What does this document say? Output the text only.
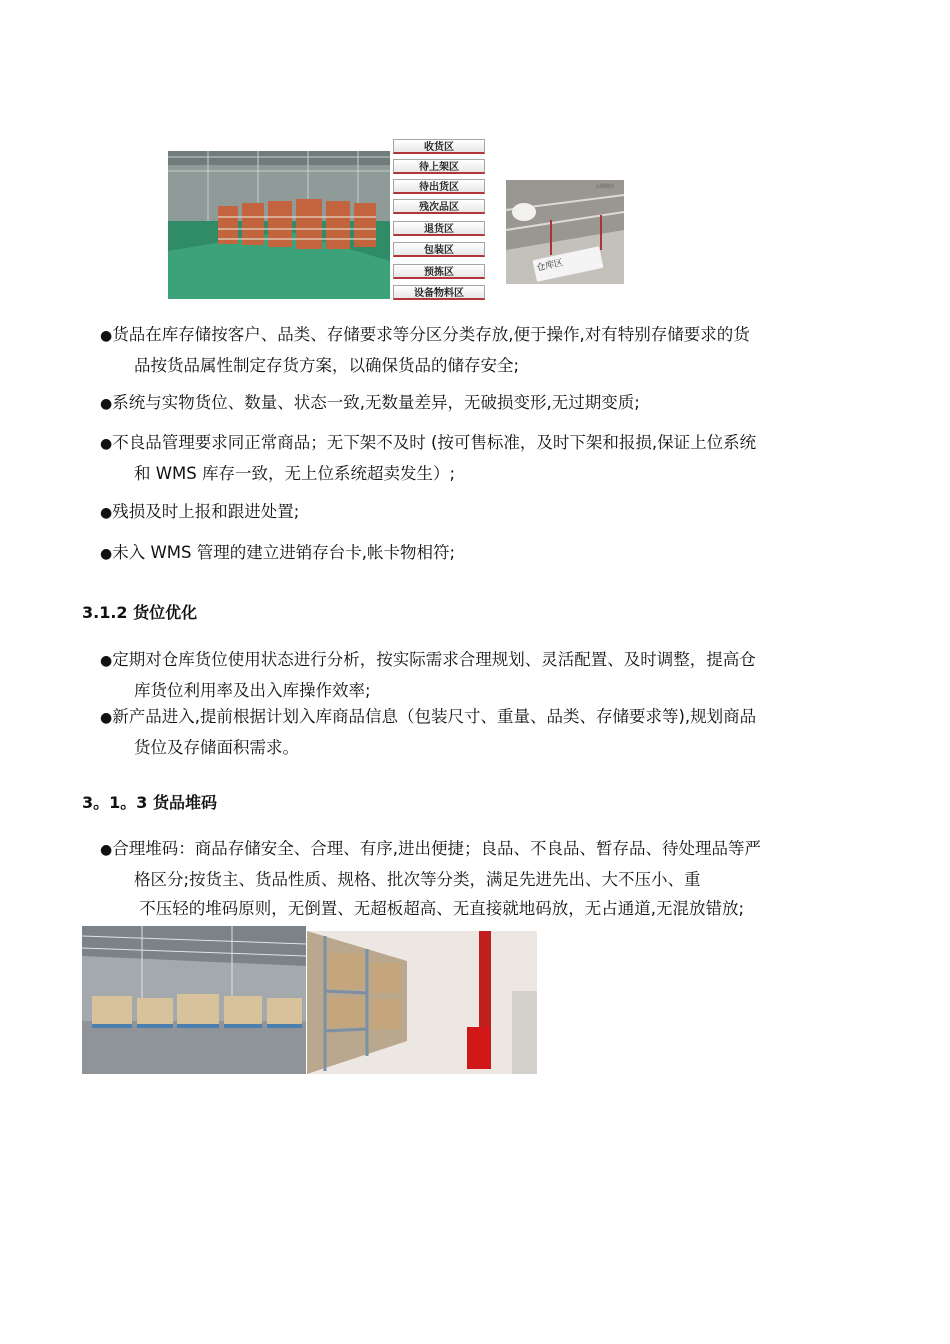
收货区
待上架区
待出货区
残次品区
退货区
包装区
预拣区
设备物料区
示例图片
仓库区
●货品在库存储按客户、品类、存储要求等分区分类存放,便于操作,对有特别存储要求的货
品按货品属性制定存货方案，以确保货品的储存安全;
●系统与实物货位、数量、状态一致,无数量差异，无破损变形,无过期变质;
●不良品管理要求同正常商品；无下架不及时 (按可售标准，及时下架和报损,保证上位系统
和 WMS 库存一致，无上位系统超卖发生）;
●残损及时上报和跟进处置;
●未入 WMS 管理的建立进销存台卡,帐卡物相符;
3.1.2 货位优化
●定期对仓库货位使用状态进行分析，按实际需求合理规划、灵活配置、及时调整，提高仓
库货位利用率及出入库操作效率;
●新产品进入,提前根据计划入库商品信息（包装尺寸、重量、品类、存储要求等),规划商品
货位及存储面积需求。
3。1。3 货品堆码
●合理堆码：商品存储安全、合理、有序,进出便捷；良品、不良品、暂存品、待处理品等严
格区分;按货主、货品性质、规格、批次等分类，满足先进先出、大不压小、重
不压轻的堆码原则，无倒置、无超板超高、无直接就地码放，无占通道,无混放错放;
